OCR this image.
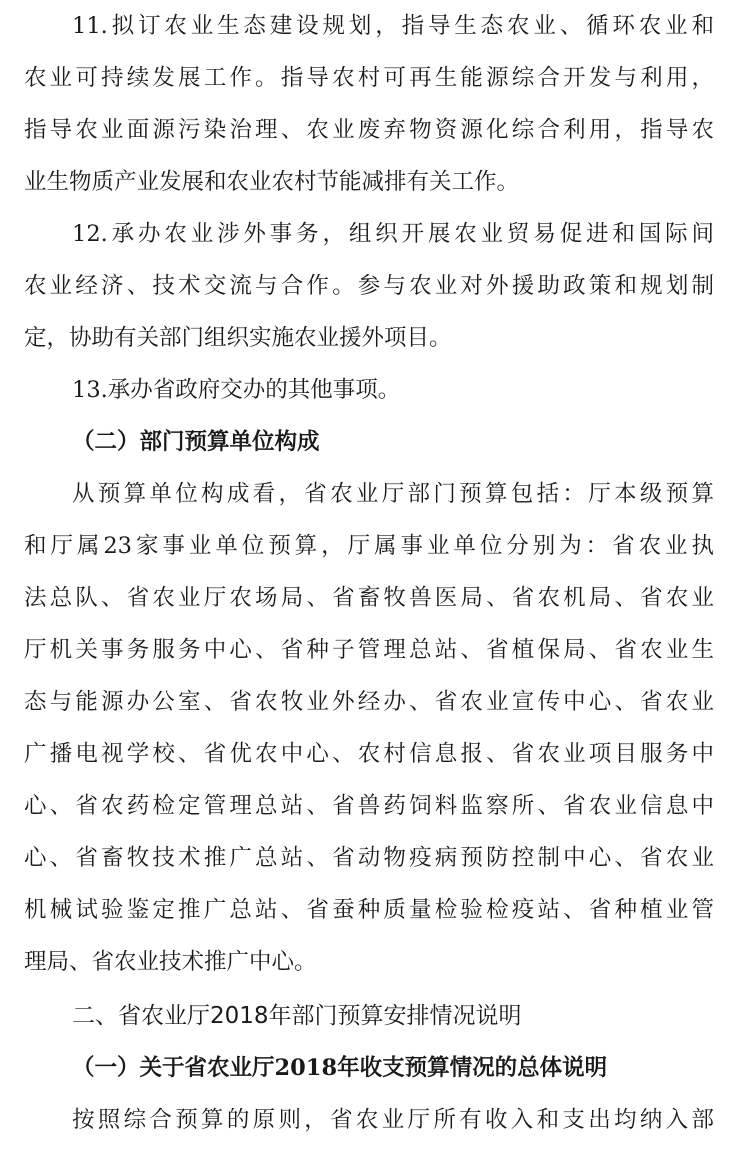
11.拟订农业生态建设规划，指导生态农业、循环农业和
农业可持续发展工作。指导农村可再生能源综合开发与利用，
指导农业面源污染治理、农业废弃物资源化综合利用，指导农
业生物质产业发展和农业农村节能减排有关工作。
12.承办农业涉外事务，组织开展农业贸易促进和国际间
农业经济、技术交流与合作。参与农业对外援助政策和规划制
定，协助有关部门组织实施农业援外项目。
13.承办省政府交办的其他事项。
（二）部门预算单位构成
从预算单位构成看，省农业厅部门预算包括：厅本级预算
和厅属23家事业单位预算，厅属事业单位分别为：省农业执
法总队、省农业厅农场局、省畜牧兽医局、省农机局、省农业
厅机关事务服务中心、省种子管理总站、省植保局、省农业生
态与能源办公室、省农牧业外经办、省农业宣传中心、省农业
广播电视学校、省优农中心、农村信息报、省农业项目服务中
心、省农药检定管理总站、省兽药饲料监察所、省农业信息中
心、省畜牧技术推广总站、省动物疫病预防控制中心、省农业
机械试验鉴定推广总站、省蚕种质量检验检疫站、省种植业管
理局、省农业技术推广中心。
二、省农业厅2018年部门预算安排情况说明
（一）关于省农业厅2018年收支预算情况的总体说明
按照综合预算的原则，省农业厅所有收入和支出均纳入部
